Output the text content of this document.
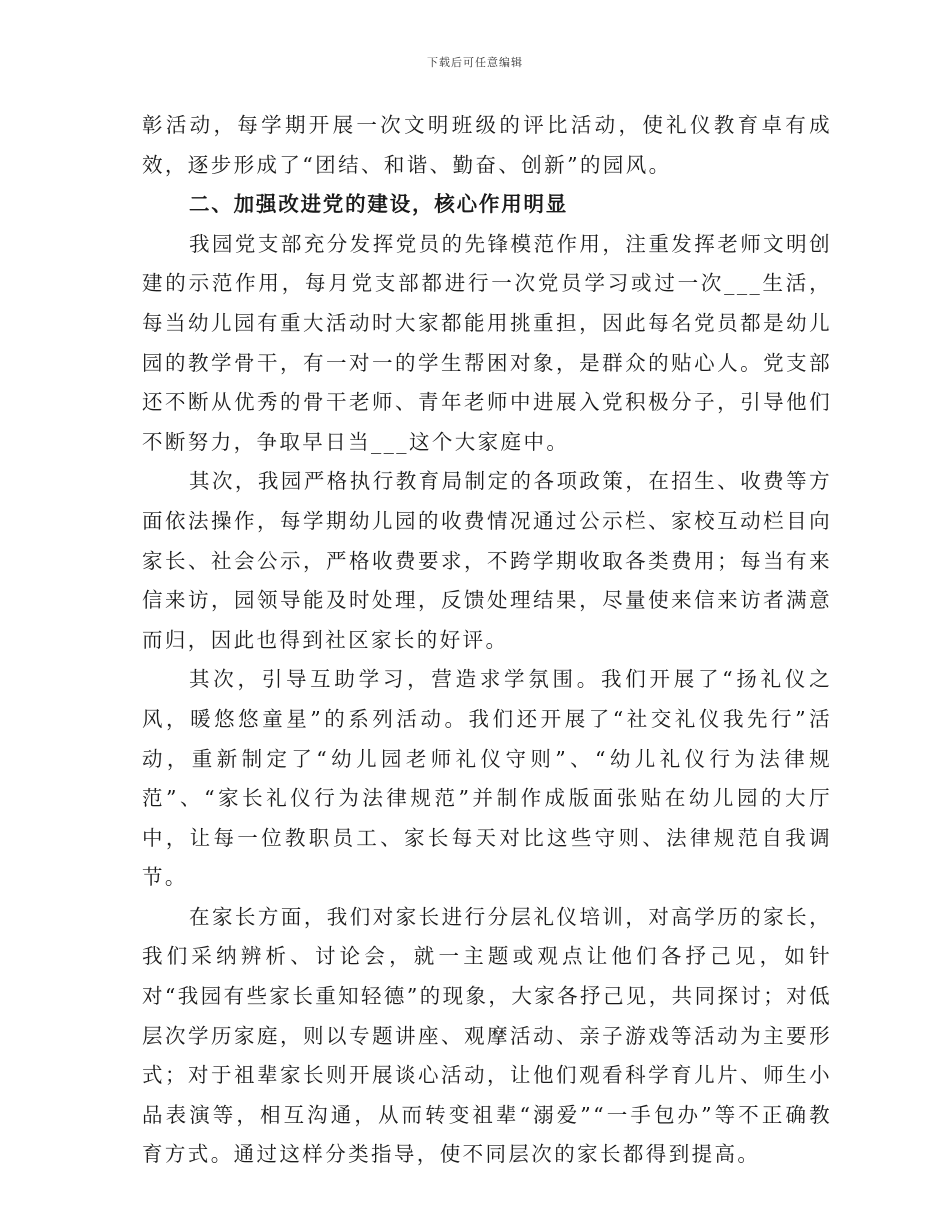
下载后可任意编辑

彰活动，每学期开展一次文明班级的评比活动，使礼仪教育卓有成效，逐步形成了“团结、和谐、勤奋、创新”的园风。

二、加强改进党的建设，核心作用明显

我园党支部充分发挥党员的先锋模范作用，注重发挥老师文明创建的示范作用，每月党支部都进行一次党员学习或过一次___生活，每当幼儿园有重大活动时大家都能用挑重担，因此每名党员都是幼儿园的教学骨干，有一对一的学生帮困对象，是群众的贴心人。党支部还不断从优秀的骨干老师、青年老师中进展入党积极分子，引导他们不断努力，争取早日当___这个大家庭中。

其次，我园严格执行教育局制定的各项政策，在招生、收费等方面依法操作，每学期幼儿园的收费情况通过公示栏、家校互动栏目向家长、社会公示，严格收费要求，不跨学期收取各类费用；每当有来信来访，园领导能及时处理，反馈处理结果，尽量使来信来访者满意而归，因此也得到社区家长的好评。

其次，引导互助学习，营造求学氛围。我们开展了“扬礼仪之风，暖悠悠童星”的系列活动。我们还开展了“社交礼仪我先行”活动，重新制定了“幼儿园老师礼仪守则”、“幼儿礼仪行为法律规范”、“家长礼仪行为法律规范”并制作成版面张贴在幼儿园的大厅中，让每一位教职员工、家长每天对比这些守则、法律规范自我调节。

在家长方面，我们对家长进行分层礼仪培训，对高学历的家长，我们采纳辨析、讨论会，就一主题或观点让他们各抒己见，如针对“我园有些家长重知轻德”的现象，大家各抒己见，共同探讨；对低层次学历家庭，则以专题讲座、观摩活动、亲子游戏等活动为主要形式；对于祖辈家长则开展谈心活动，让他们观看科学育儿片、师生小品表演等，相互沟通，从而转变祖辈“溺爱”“一手包办”等不正确教育方式。通过这样分类指导，使不同层次的家长都得到提高。
